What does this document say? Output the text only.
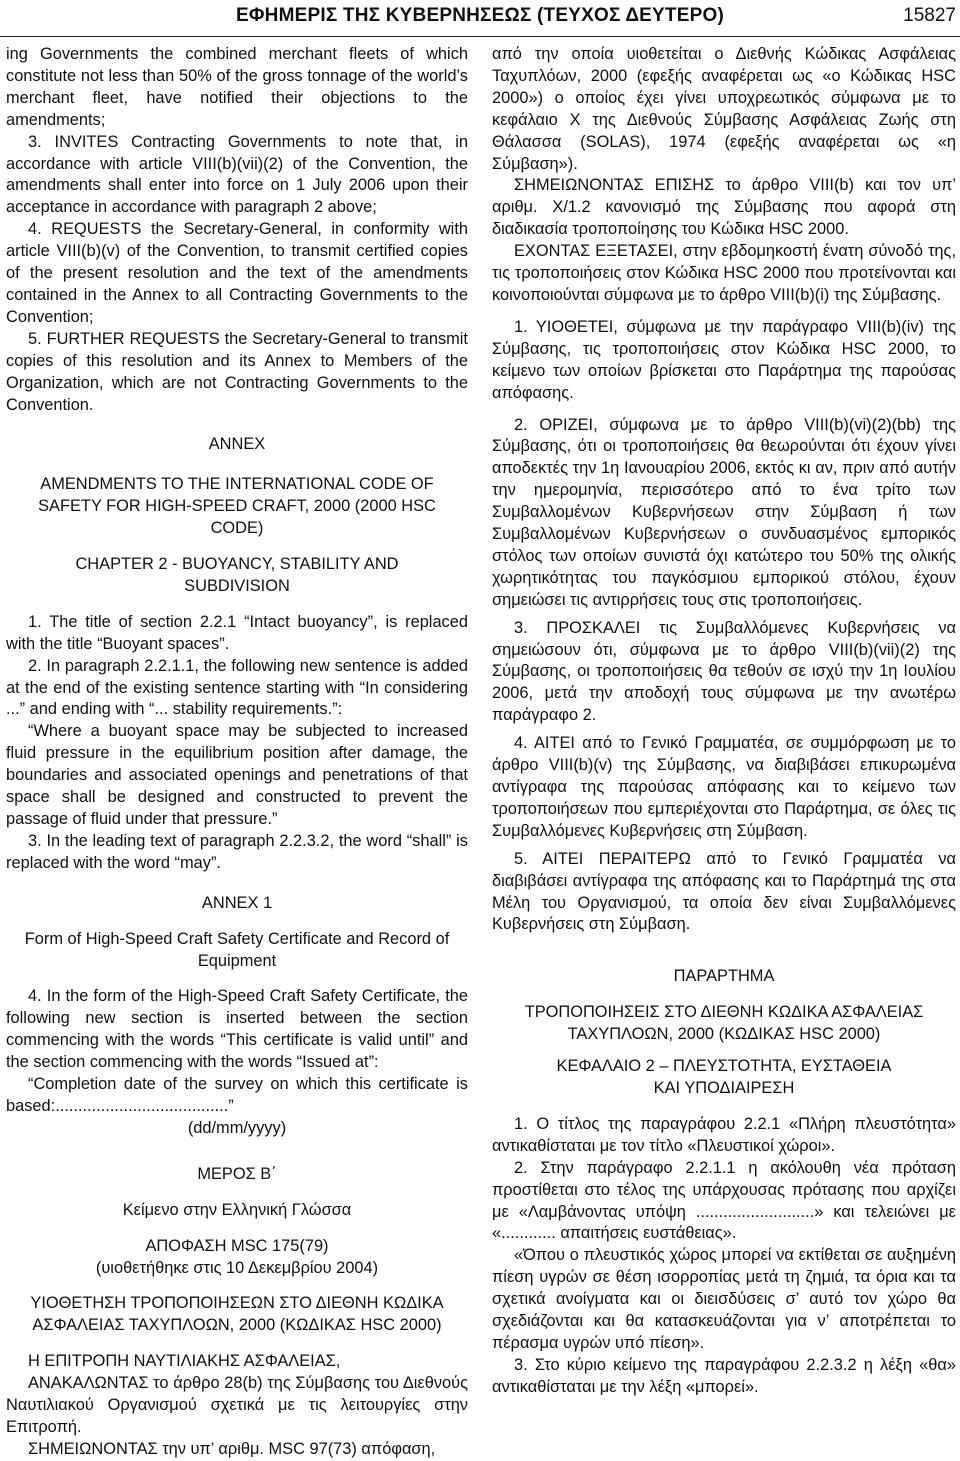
ΕΦΗΜΕΡΙΣ ΤΗΣ ΚΥΒΕΡΝΗΣΕΩΣ (ΤΕΥΧΟΣ ΔΕΥΤΕΡΟ)	15827

ing Governments the combined merchant fleets of which constitute not less than 50% of the gross tonnage of the world’s merchant fleet, have notified their objections to the amendments;

3. INVITES Contracting Governments to note that, in accordance with article VIII(b)(vii)(2) of the Convention, the amendments shall enter into force on 1 July 2006 upon their acceptance in accordance with paragraph 2 above;

4. REQUESTS the Secretary-General, in conformity with article VIII(b)(v) of the Convention, to transmit certified copies of the present resolution and the text of the amendments contained in the Annex to all Contracting Governments to the Convention;

5. FURTHER REQUESTS the Secretary-General to transmit copies of this resolution and its Annex to Members of the Organization, which are not Contracting Governments to the Convention.

ANNEX

AMENDMENTS TO THE INTERNATIONAL CODE OF SAFETY FOR HIGH-SPEED CRAFT, 2000 (2000 HSC CODE)

CHAPTER 2 - BUOYANCY, STABILITY AND SUBDIVISION

1. The title of section 2.2.1 “Intact buoyancy”, is replaced with the title “Buoyant spaces”.

2. In paragraph 2.2.1.1, the following new sentence is added at the end of the existing sentence starting with “In considering ...” and ending with “... stability requirements.”:

“Where a buoyant space may be subjected to increased fluid pressure in the equilibrium position after damage, the boundaries and associated openings and penetrations of that space shall be designed and constructed to prevent the passage of fluid under that pressure.”

3. In the leading text of paragraph 2.2.3.2, the word “shall” is replaced with the word “may”.

ANNEX 1

Form of High-Speed Craft Safety Certificate and Record of Equipment

4. In the form of the High-Speed Craft Safety Certificate, the following new section is inserted between the section commencing with the words “This certificate is valid until” and the section commencing with the words “Issued at”:

“Completion date of the survey on which this certificate is based:......................................”

(dd/mm/yyyy)

ΜΕΡΟΣ Β΄

Κείμενο στην Ελληνική Γλώσσα

ΑΠΟΦΑΣΗ MSC 175(79)

(υιοθετήθηκε στις 10 Δεκεμβρίου 2004)

ΥΙΟΘΕΤΗΣΗ ΤΡΟΠΟΠΟΙΗΣΕΩΝ ΣΤΟ ΔΙΕΘΝΗ ΚΩΔΙΚΑ ΑΣΦΑΛΕΙΑΣ ΤΑΧΥΠΛΟΩΝ, 2000 (ΚΩΔΙΚΑΣ HSC 2000)

Η ΕΠΙΤΡΟΠΗ ΝΑΥΤΙΛΙΑΚΗΣ ΑΣΦΑΛΕΙΑΣ,

ΑΝΑΚΑΛΩΝΤΑΣ το άρθρο 28(b) της Σύμβασης του Διεθνούς Ναυτιλιακού Οργανισμού σχετικά με τις λειτουργίες στην Επιτροπή.

ΣΗΜΕΙΩΝΟΝΤΑΣ την υπ’ αριθμ. MSC 97(73) απόφαση,

από την οποία υιοθετείται ο Διεθνής Κώδικας Ασφάλειας Ταχυπλόων, 2000 (εφεξής αναφέρεται ως «ο Κώδικας HSC 2000») ο οποίος έχει γίνει υποχρεωτικός σύμφωνα με το κεφάλαιο X της Διεθνούς Σύμβασης Ασφάλειας Ζωής στη Θάλασσα (SOLAS), 1974 (εφεξής αναφέρεται ως «η Σύμβαση»).

ΣΗΜΕΙΩΝΟΝΤΑΣ ΕΠΙΣΗΣ το άρθρο VIII(b) και τον υπ’ αριθμ. X/1.2 κανονισμό της Σύμβασης που αφορά στη διαδικασία τροποποίησης του Κώδικα HSC 2000.

ΕΧΟΝΤΑΣ ΕΞΕΤΑΣΕΙ, στην εβδομηκοστή ένατη σύνοδό της, τις τροποποιήσεις στον Κώδικα HSC 2000 που προτείνονται και κοινοποιούνται σύμφωνα με το άρθρο VIII(b)(i) της Σύμβασης.

1. ΥΙΟΘΕΤΕΙ, σύμφωνα με την παράγραφο VIII(b)(iv) της Σύμβασης, τις τροποποιήσεις στον Κώδικα HSC 2000, το κείμενο των οποίων βρίσκεται στο Παράρτημα της παρούσας απόφασης.

2. ΟΡΙΖΕΙ, σύμφωνα με το άρθρο VIII(b)(vi)(2)(bb) της Σύμβασης, ότι οι τροποποιήσεις θα θεωρούνται ότι έχουν γίνει αποδεκτές την 1η Ιανουαρίου 2006, εκτός κι αν, πριν από αυτήν την ημερομηνία, περισσότερο από το ένα τρίτο των Συμβαλλομένων Κυβερνήσεων στην Σύμβαση ή των Συμβαλλομένων Κυβερνήσεων ο συνδυασμένος εμπορικός στόλος των οποίων συνιστά όχι κατώτερο του 50% της ολικής χωρητικότητας του παγκόσμιου εμπορικού στόλου, έχουν σημειώσει τις αντιρρήσεις τους στις τροποποιήσεις.

3. ΠΡΟΣΚΑΛΕΙ τις Συμβαλλόμενες Κυβερνήσεις να σημειώσουν ότι, σύμφωνα με το άρθρο VIII(b)(vii)(2) της Σύμβασης, οι τροποποιήσεις θα τεθούν σε ισχύ την 1η Ιουλίου 2006, μετά την αποδοχή τους σύμφωνα με την ανωτέρω παράγραφο 2.

4. ΑΙΤΕΙ από το Γενικό Γραμματέα, σε συμμόρφωση με το άρθρο VIII(b)(v) της Σύμβασης, να διαβιβάσει επικυρωμένα αντίγραφα της παρούσας απόφασης και το κείμενο των τροποποιήσεων που εμπεριέχονται στο Παράρτημα, σε όλες τις Συμβαλλόμενες Κυβερνήσεις στη Σύμβαση.

5. ΑΙΤΕΙ ΠΕΡΑΙΤΕΡΩ από το Γενικό Γραμματέα να διαβιβάσει αντίγραφα της απόφασης και το Παράρτημά της στα Μέλη του Οργανισμού, τα οποία δεν είναι Συμβαλλόμενες Κυβερνήσεις στη Σύμβαση.

ΠΑΡΑΡΤΗΜΑ

ΤΡΟΠΟΠΟΙΗΣΕΙΣ ΣΤΟ ΔΙΕΘΝΗ ΚΩΔΙΚΑ ΑΣΦΑΛΕΙΑΣ ΤΑΧΥΠΛΟΩΝ, 2000 (ΚΩΔΙΚΑΣ HSC 2000)

ΚΕΦΑΛΑΙΟ 2 – ΠΛΕΥΣΤΟΤΗΤΑ, ΕΥΣΤΑΘΕΙΑ ΚΑΙ ΥΠΟΔΙΑΙΡΕΣΗ

1. Ο τίτλος της παραγράφου 2.2.1 «Πλήρη πλευστότητα» αντικαθίσταται με τον τίτλο «Πλευστικοί χώροι».

2. Στην παράγραφο 2.2.1.1 η ακόλουθη νέα πρόταση προστίθεται στο τέλος της υπάρχουσας πρότασης που αρχίζει με «Λαμβάνοντας υπόψη ..........................» και τελειώνει με «............ απαιτήσεις ευστάθειας».

«Όπου ο πλευστικός χώρος μπορεί να εκτίθεται σε αυξημένη πίεση υγρών σε θέση ισορροπίας μετά τη ζημιά, τα όρια και τα σχετικά ανοίγματα και οι διεισδύσεις σ’ αυτό τον χώρο θα σχεδιάζονται και θα κατασκευάζονται για ν’ αποτρέπεται το πέρασμα υγρών υπό πίεση».

3. Στο κύριο κείμενο της παραγράφου 2.2.3.2 η λέξη «θα» αντικαθίσταται με την λέξη «μπορεί».
